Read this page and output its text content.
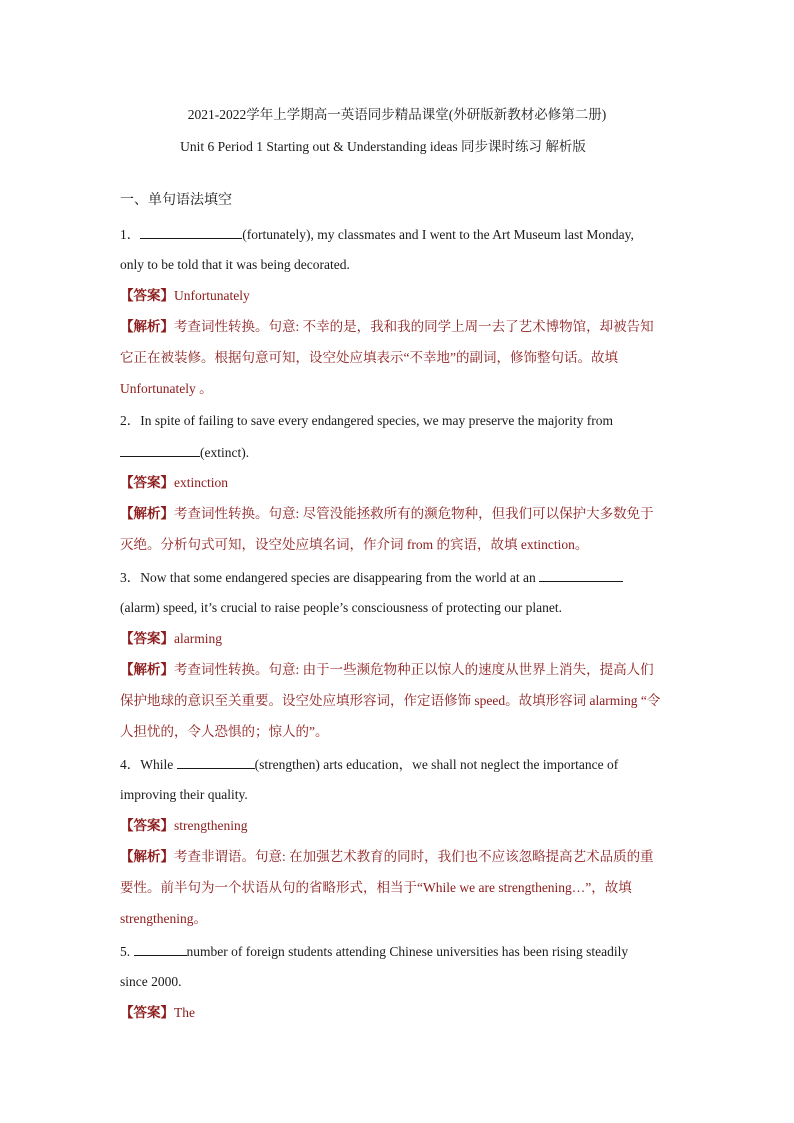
2021-2022学年上学期高一英语同步精品课堂(外研版新教材必修第二册)
Unit 6 Period 1 Starting out & Understanding ideas 同步课时练习 解析版
一、单句语法填空
1．	(fortunately), my classmates and I went to the Art Museum last Monday,
only to be told that it was being decorated.
【答案】Unfortunately
【解析】考查词性转换。句意: 不幸的是，我和我的同学上周一去了艺术博物馆，却被告知
它正在被装修。根据句意可知，设空处应填表示“不幸地”的副词，修饰整句话。故填
Unfortunately 。
2．In spite of failing to save every endangered species, we may preserve the majority from
(extinct).
【答案】extinction
【解析】考查词性转换。句意: 尽管没能拯救所有的濒危物种，但我们可以保护大多数免于
灭绝。分析句式可知，设空处应填名词，作介词 from 的宾语，故填 extinction。
3．Now that some endangered species are disappearing from the world at an
(alarm) speed, it’s crucial to raise people’s consciousness of protecting our planet.
【答案】alarming
【解析】考查词性转换。句意: 由于一些濒危物种正以惊人的速度从世界上消失，提高人们
保护地球的意识至关重要。设空处应填形容词，作定语修饰 speed。故填形容词 alarming “令
人担忧的，令人恐惧的；惊人的”。
4．While	(strengthen) arts education，we shall not neglect the importance of
improving their quality.
【答案】strengthening
【解析】考查非谓语。句意: 在加强艺术教育的同时，我们也不应该忽略提高艺术品质的重
要性。前半句为一个状语从句的省略形式，相当于“While we are strengthening…”，故填
strengthening。
5.	number of foreign students attending Chinese universities has been rising steadily
since 2000.
【答案】The
